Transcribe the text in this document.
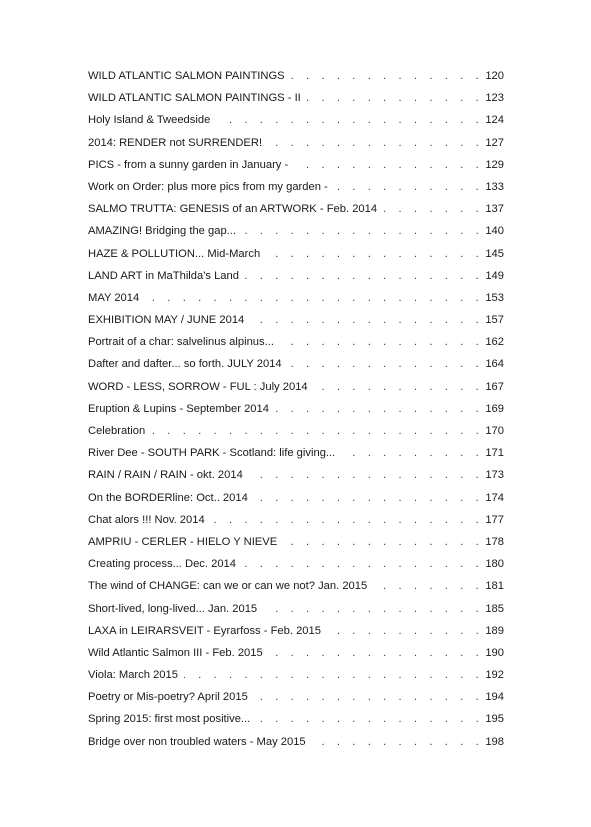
WILD ATLANTIC SALMON PAINTINGS . . .	120
WILD ATLANTIC SALMON PAINTINGS - II . . .	123
Holy Island & Tweedside . . .	124
2014: RENDER not SURRENDER! . . .	127
PICS - from a sunny garden in January - . . .	129
Work on Order: plus more pics from my garden - . . .	133
SALMO TRUTTA: GENESIS of an ARTWORK - Feb. 2014 . . .	137
AMAZING! Bridging the gap... . . .	140
HAZE & POLLUTION... Mid-March . . .	145
LAND ART in MaThilda's Land . . .	149
MAY 2014 . . .	153
EXHIBITION MAY / JUNE 2014 . . .	157
Portrait of a char: salvelinus alpinus... . . .	162
Dafter and dafter... so forth. JULY 2014 . . .	164
WORD - LESS, SORROW - FUL : July 2014 . . .	167
Eruption & Lupins - September 2014 . . .	169
Celebration . . .	170
River Dee - SOUTH PARK - Scotland: life giving... . . .	171
RAIN / RAIN / RAIN - okt. 2014 . . .	173
On the BORDERline: Oct.. 2014 . . .	174
Chat alors !!! Nov. 2014 . . .	177
AMPRIU - CERLER - HIELO Y NIEVE . . .	178
Creating process... Dec. 2014 . . .	180
The wind of CHANGE: can we or can we not? Jan. 2015 . . .	181
Short-lived, long-lived... Jan. 2015 . . .	185
LAXA in LEIRARSVEIT - Eyrarfoss - Feb. 2015 . . .	189
Wild Atlantic Salmon III - Feb. 2015 . . .	190
Viola: March 2015 . . .	192
Poetry or Mis-poetry? April 2015 . . .	194
Spring 2015: first most positive... . . .	195
Bridge over non troubled waters - May 2015 . . .	198
